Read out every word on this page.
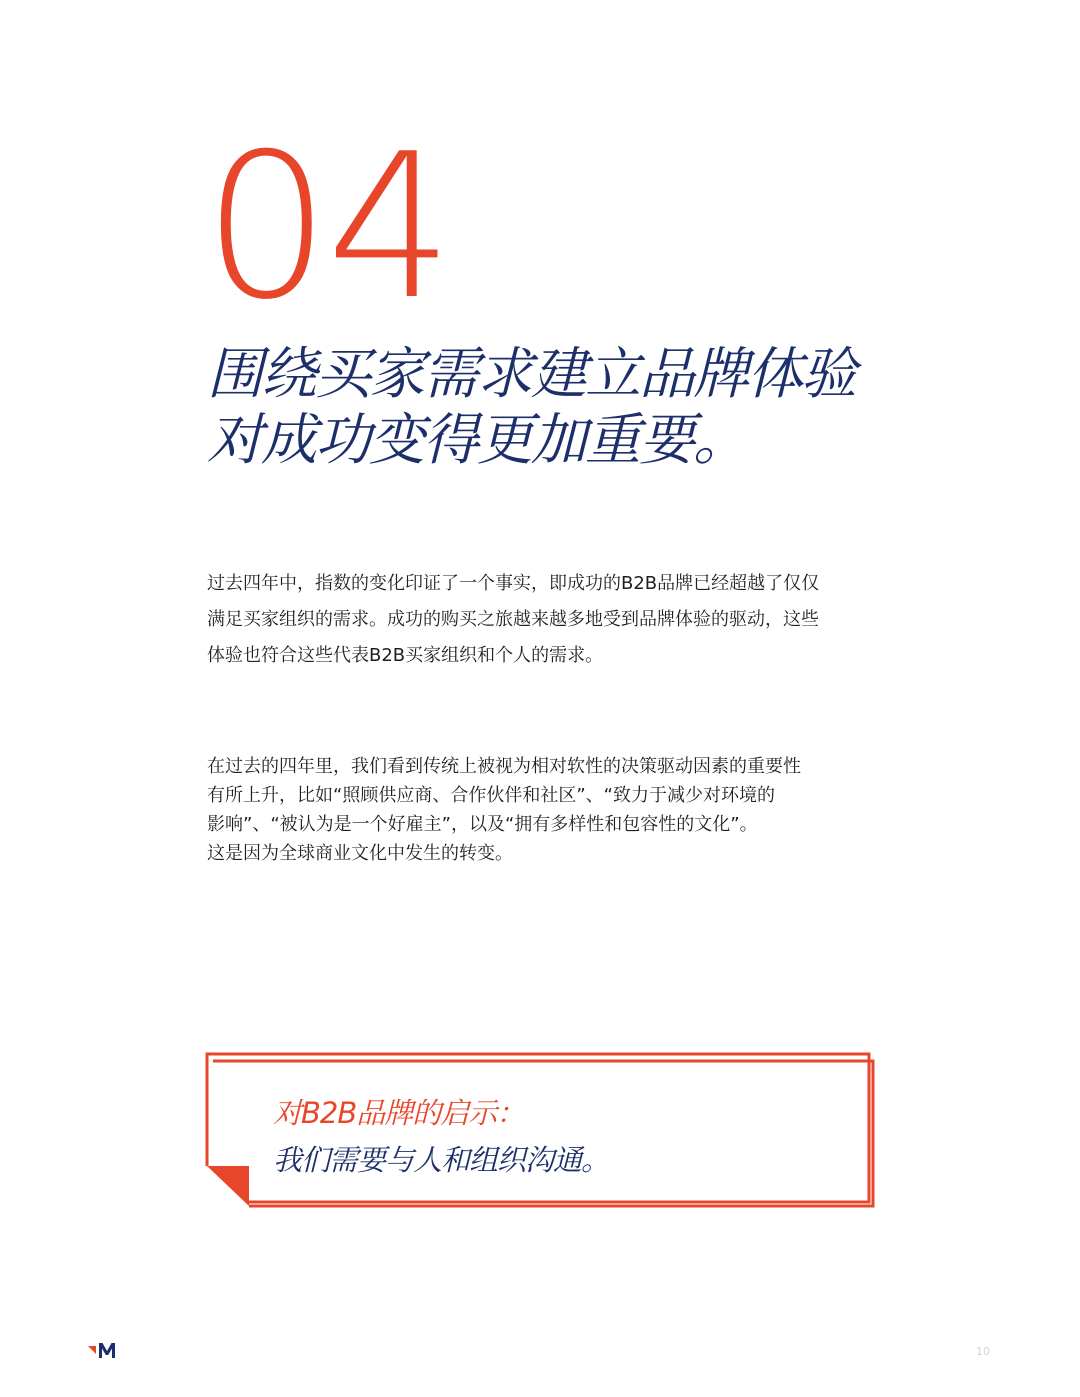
04
围绕买家需求建立品牌体验
对成功变得更加重要。

过去四年中，指数的变化印证了一个事实，即成功的B2B品牌已经超越了仅仅
满足买家组织的需求。成功的购买之旅越来越多地受到品牌体验的驱动，这些
体验也符合这些代表B2B买家组织和个人的需求。

在过去的四年里，我们看到传统上被视为相对软性的决策驱动因素的重要性
有所上升，比如“照顾供应商、合作伙伴和社区”、“致力于减少对环境的
影响”、“被认为是一个好雇主”，以及“拥有多样性和包容性的文化”。
这是因为全球商业文化中发生的转变。

对B2B品牌的启示：
我们需要与人和组织沟通。
10
